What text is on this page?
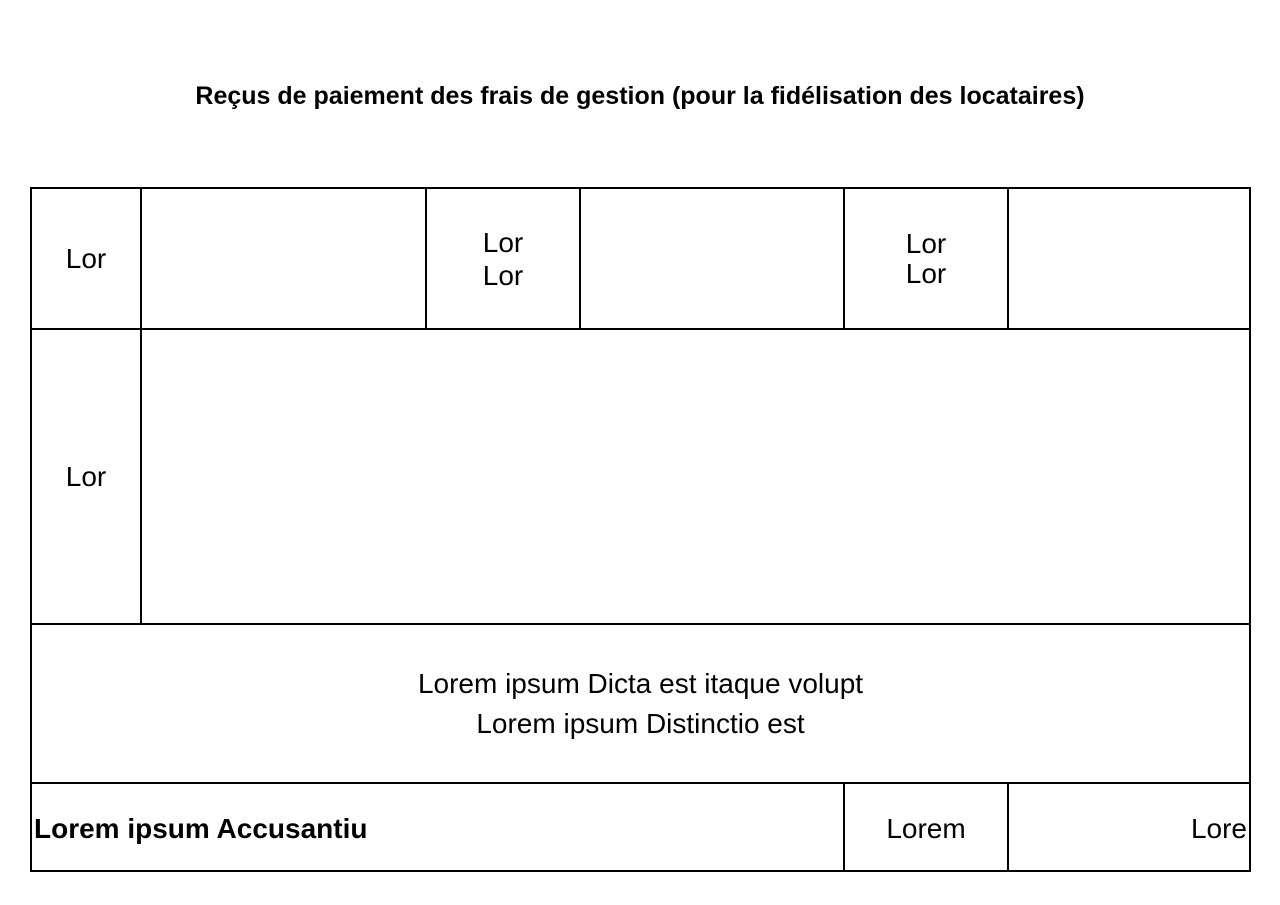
Reçus de paiement des frais de gestion (pour la fidélisation des locataires)
Lor
Lor
Lor
Lor
Lor
Lor
Lorem ipsum Dicta est itaque volupt
Lorem ipsum Distinctio est
Lorem ipsum Accusantiu	Lorem	Lore
